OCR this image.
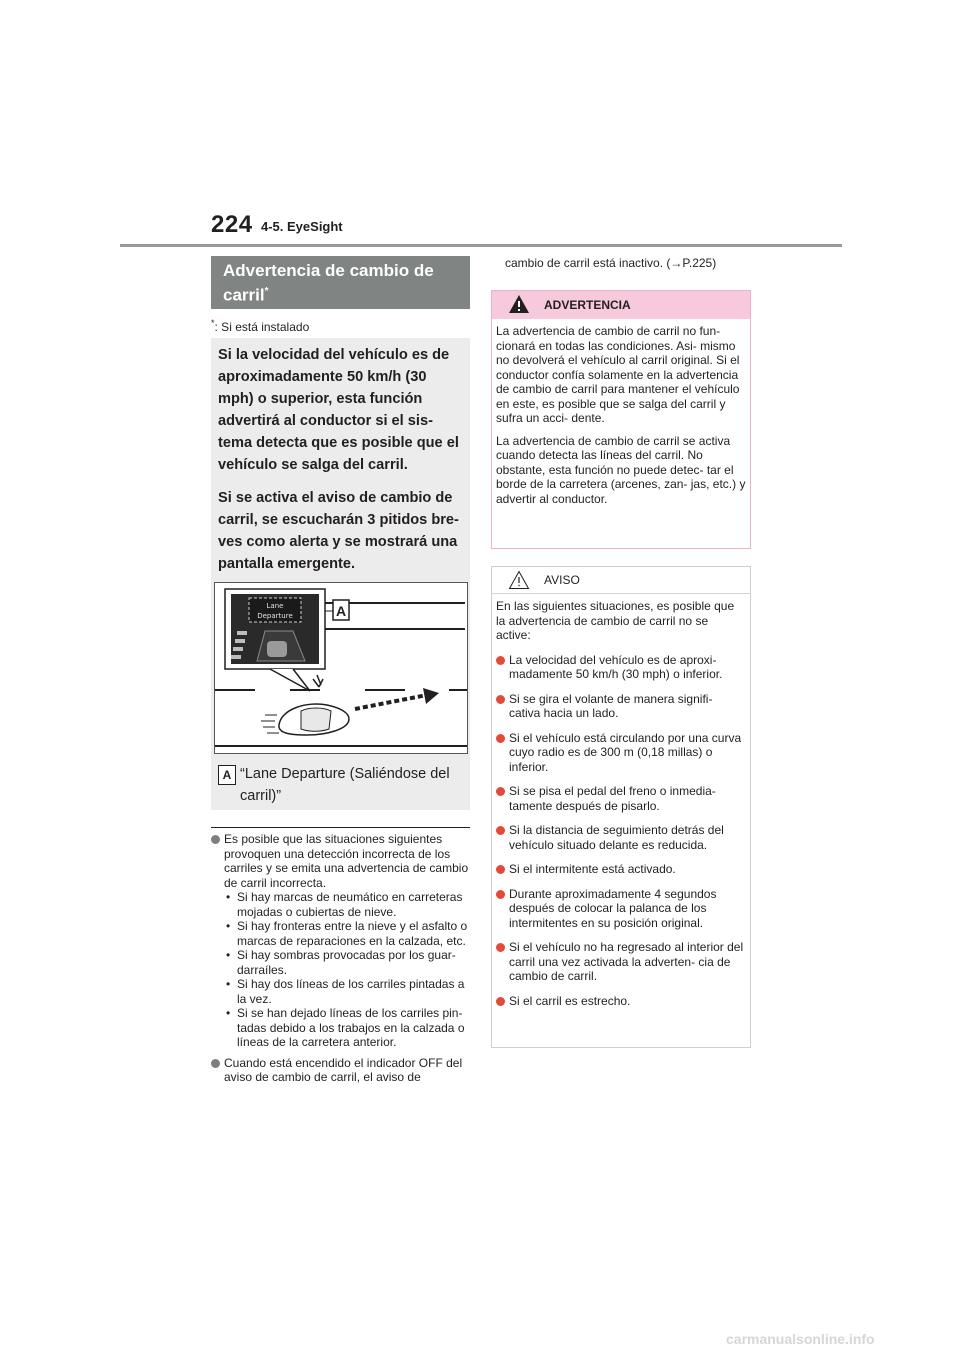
224 4-5. EyeSight
Advertencia de cambio de carril*
*: Si está instalado

Si la velocidad del vehículo es de aproximadamente 50 km/h (30 mph) o superior, esta función advertirá al conductor si el sis- tema detecta que es posible que el vehículo se salga del carril.

Si se activa el aviso de cambio de carril, se escucharán 3 pitidos bre- ves como alerta y se mostrará una pantalla emergente.

Lane
Departure	A
A “Lane Departure (Saliéndose del carril)”
Es posible que las situaciones siguientes provoquen una detección incorrecta de los carriles y se emita una advertencia de cambio de carril incorrecta.
• Si hay marcas de neumático en carreteras mojadas o cubiertas de nieve.
• Si hay fronteras entre la nieve y el asfalto o marcas de reparaciones en la calzada, etc.
• Si hay sombras provocadas por los guar- darraíles.
• Si hay dos líneas de los carriles pintadas a la vez.
• Si se han dejado líneas de los carriles pin- tadas debido a los trabajos en la calzada o líneas de la carretera anterior.
Cuando está encendido el indicador OFF del aviso de cambio de carril, el aviso de
cambio de carril está inactivo. (→P.225)
ADVERTENCIA

La advertencia de cambio de carril no fun- cionará en todas las condiciones. Asi- mismo no devolverá el vehículo al carril original. Si el conductor confía solamente en la advertencia de cambio de carril para mantener el vehículo en este, es posible que se salga del carril y sufra un acci- dente.

La advertencia de cambio de carril se activa cuando detecta las líneas del carril. No obstante, esta función no puede detec- tar el borde de la carretera (arcenes, zan- jas, etc.) y advertir al conductor.

AVISO

En las siguientes situaciones, es posible que la advertencia de cambio de carril no se active:

La velocidad del vehículo es de aproxi- madamente 50 km/h (30 mph) o inferior.
Si se gira el volante de manera signifi- cativa hacia un lado.
Si el vehículo está circulando por una curva cuyo radio es de 300 m (0,18 millas) o inferior.
Si se pisa el pedal del freno o inmedia- tamente después de pisarlo.
Si la distancia de seguimiento detrás del vehículo situado delante es reducida.
Si el intermitente está activado.
Durante aproximadamente 4 segundos después de colocar la palanca de los intermitentes en su posición original.
Si el vehículo no ha regresado al interior del carril una vez activada la adverten- cia de cambio de carril.
Si el carril es estrecho.
carmanualsonline.info
